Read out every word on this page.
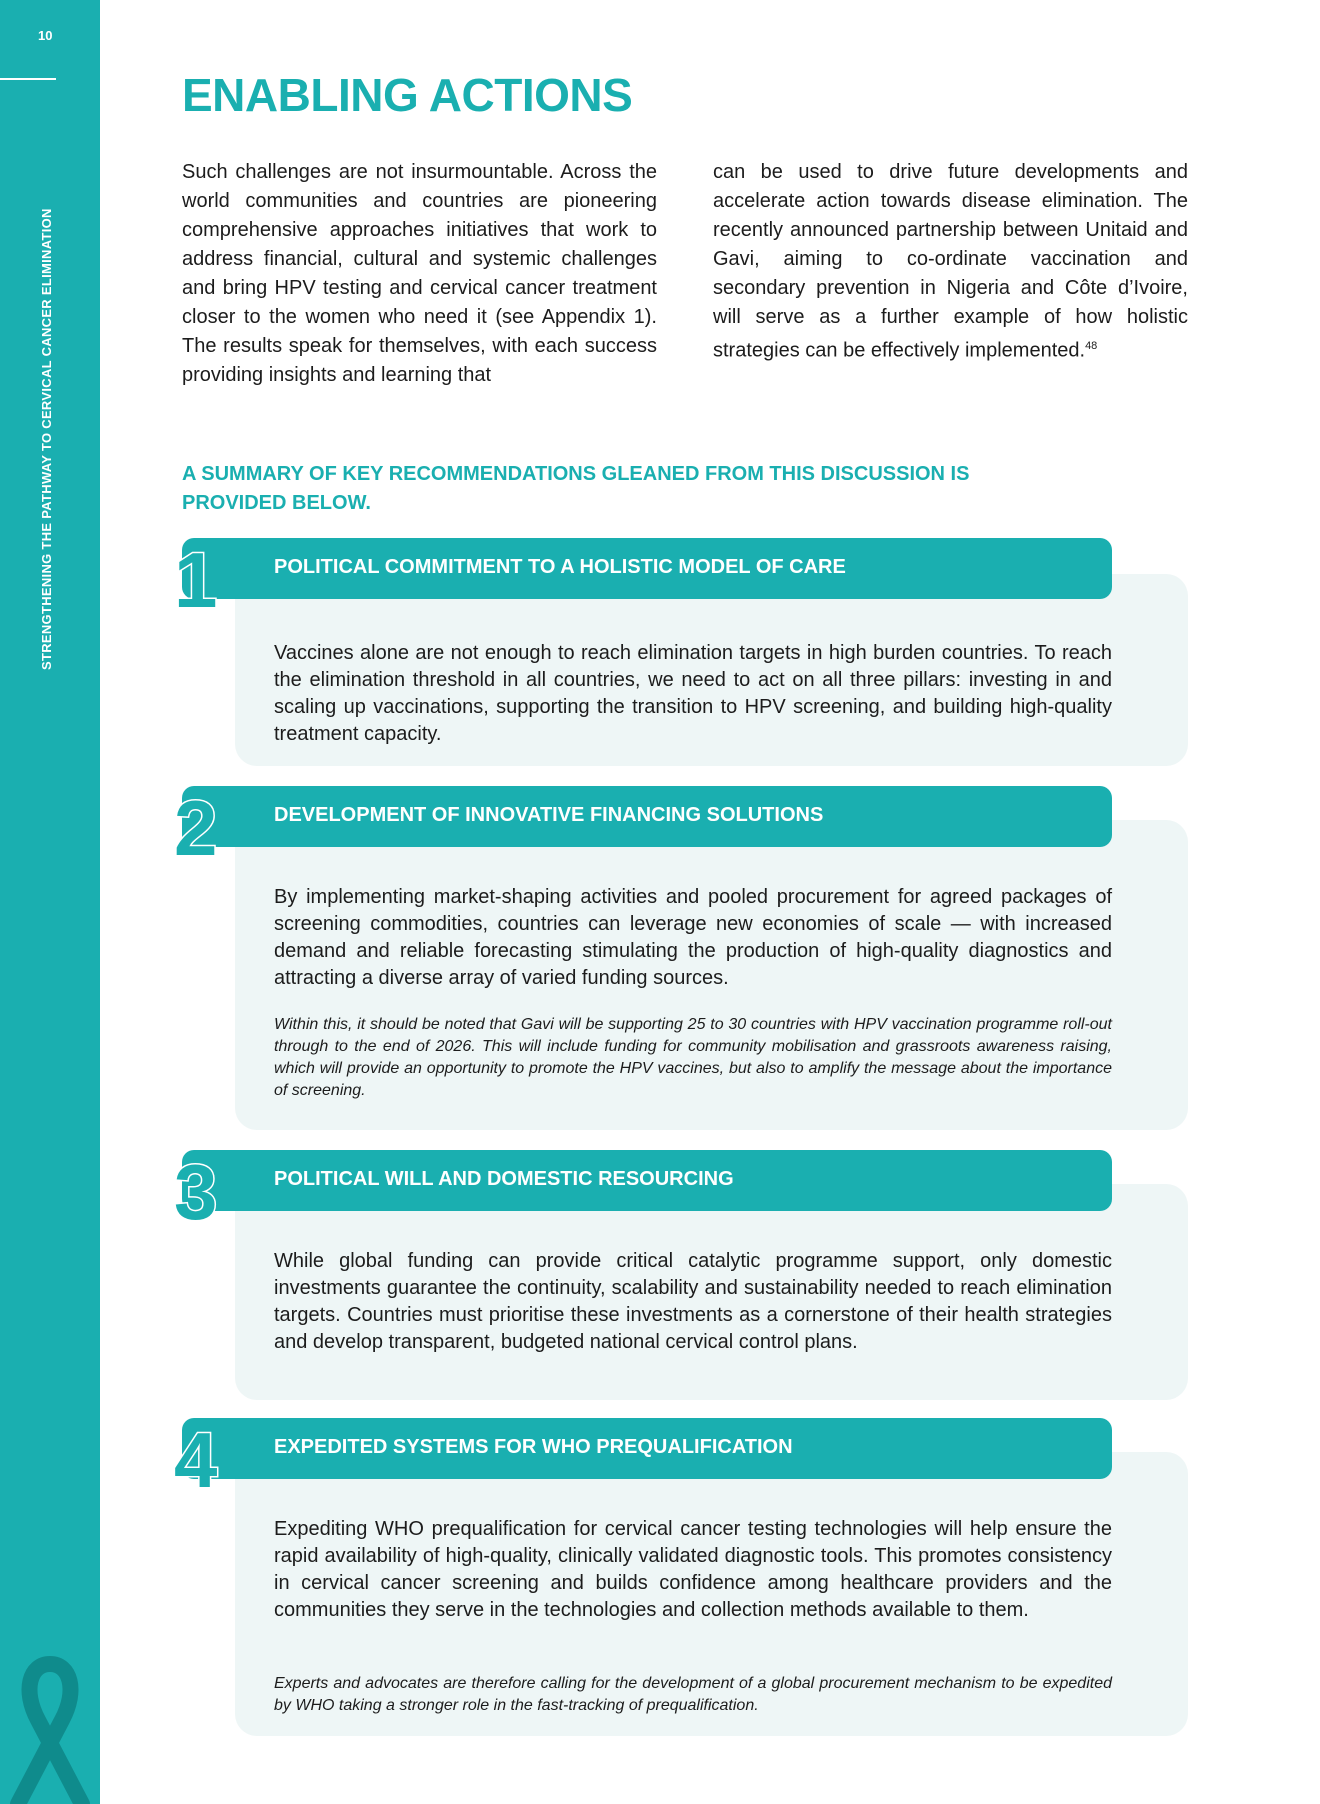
10
STRENGTHENING THE PATHWAY TO CERVICAL CANCER ELIMINATION
ENABLING ACTIONS

Such challenges are not insurmountable. Across the world communities and countries are pioneering comprehensive approaches initiatives that work to address financial, cultural and systemic challenges and bring HPV testing and cervical cancer treatment closer to the women who need it (see Appendix 1). The results speak for themselves, with each success providing insights and learning that

can be used to drive future developments and accelerate action towards disease elimination. The recently announced partnership between Unitaid and Gavi, aiming to co-ordinate vaccination and secondary prevention in Nigeria and Côte d’Ivoire, will serve as a further example of how holistic strategies can be effectively implemented.$^{48}$

A SUMMARY OF KEY RECOMMENDATIONS GLEANED FROM THIS DISCUSSION IS PROVIDED BELOW.

POLITICAL COMMITMENT TO A HOLISTIC MODEL OF CARE
1

Vaccines alone are not enough to reach elimination targets in high burden countries. To reach the elimination threshold in all countries, we need to act on all three pillars: investing in and scaling up vaccinations, supporting the transition to HPV screening, and building high-quality treatment capacity.

DEVELOPMENT OF INNOVATIVE FINANCING SOLUTIONS
2

By implementing market-shaping activities and pooled procurement for agreed packages of screening commodities, countries can leverage new economies of scale — with increased demand and reliable forecasting stimulating the production of high-quality diagnostics and attracting a diverse array of varied funding sources.

Within this, it should be noted that Gavi will be supporting 25 to 30 countries with HPV vaccination programme roll-out through to the end of 2026. This will include funding for community mobilisation and grassroots awareness raising, which will provide an opportunity to promote the HPV vaccines, but also to amplify the message about the importance of screening.

POLITICAL WILL AND DOMESTIC RESOURCING
3

While global funding can provide critical catalytic programme support, only domestic investments guarantee the continuity, scalability and sustainability needed to reach elimination targets. Countries must prioritise these investments as a cornerstone of their health strategies and develop transparent, budgeted national cervical control plans.

EXPEDITED SYSTEMS FOR WHO PREQUALIFICATION
4

Expediting WHO prequalification for cervical cancer testing technologies will help ensure the rapid availability of high-quality, clinically validated diagnostic tools. This promotes consistency in cervical cancer screening and builds confidence among healthcare providers and the communities they serve in the technologies and collection methods available to them.

Experts and advocates are therefore calling for the development of a global procurement mechanism to be expedited by WHO taking a stronger role in the fast-tracking of prequalification.
